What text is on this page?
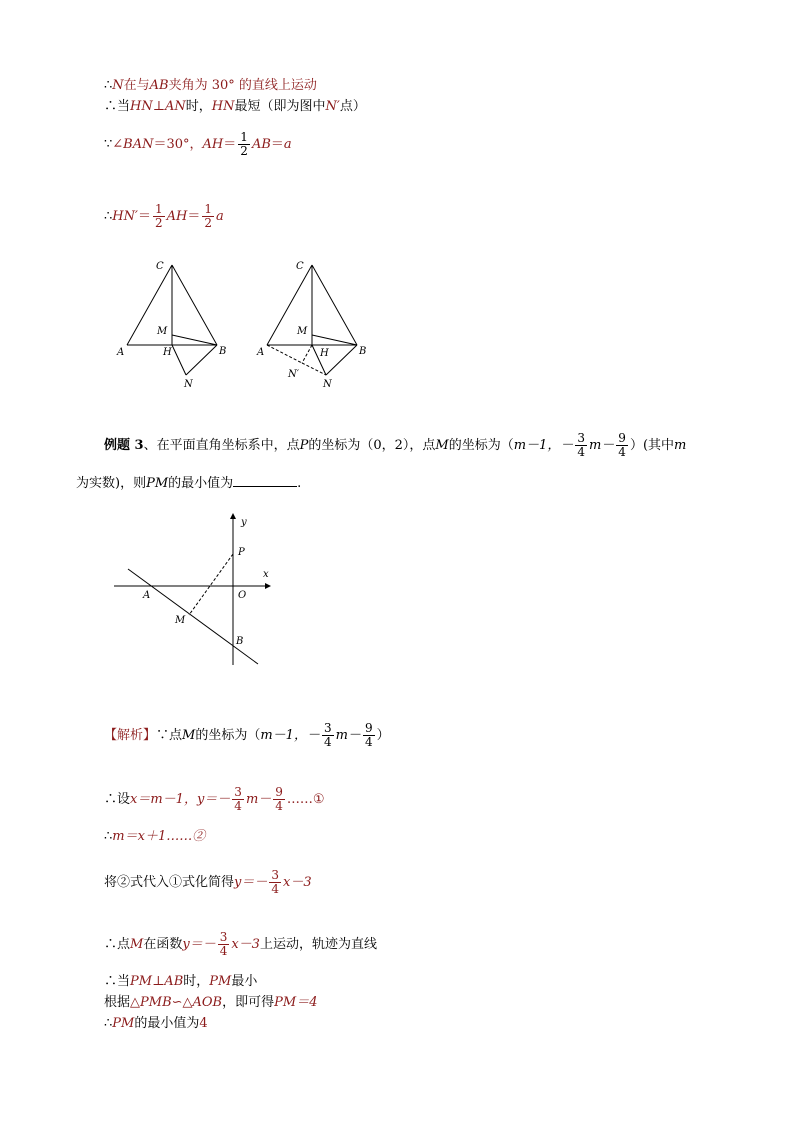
∴N在与AB夹角为 30° 的直线上运动
∴当HN⊥AN时，HN最短（即为图中N′点）
∵∠BAN＝30°，$AH= \frac{1}{2} AB=a$
∴HN′＝ $\frac{1}{2} AH= \frac{1}{2}$ a
C
M
A	H	B
N
C
M
A	H	B
N′
N
例题 3、在平面直角坐标系中，点P的坐标为（0，2），点M的坐标为（m－1，－ $\frac{3}{4} m- \frac{9}{4}$ ）(其中m
为实数)，则PM的最小值为	.
y
x
P
O
A
M
B
【解析】∵点M的坐标为（m－1，－ $\frac{3}{4} m- \frac{9}{4}$ ）
∴设x＝m－1，$y=- \frac{3}{4} m- \frac{9}{4}$ ……①
∴m＝x＋1……②
将②式代入①式化简得$y=- \frac{3}{4} x-3$
∴点M在函数$y=- \frac{3}{4} x-3$上运动，轨迹为直线
∴当PM⊥AB时，PM最小
根据△PMB∽△AOB，即可得PM＝4
∴PM的最小值为4
